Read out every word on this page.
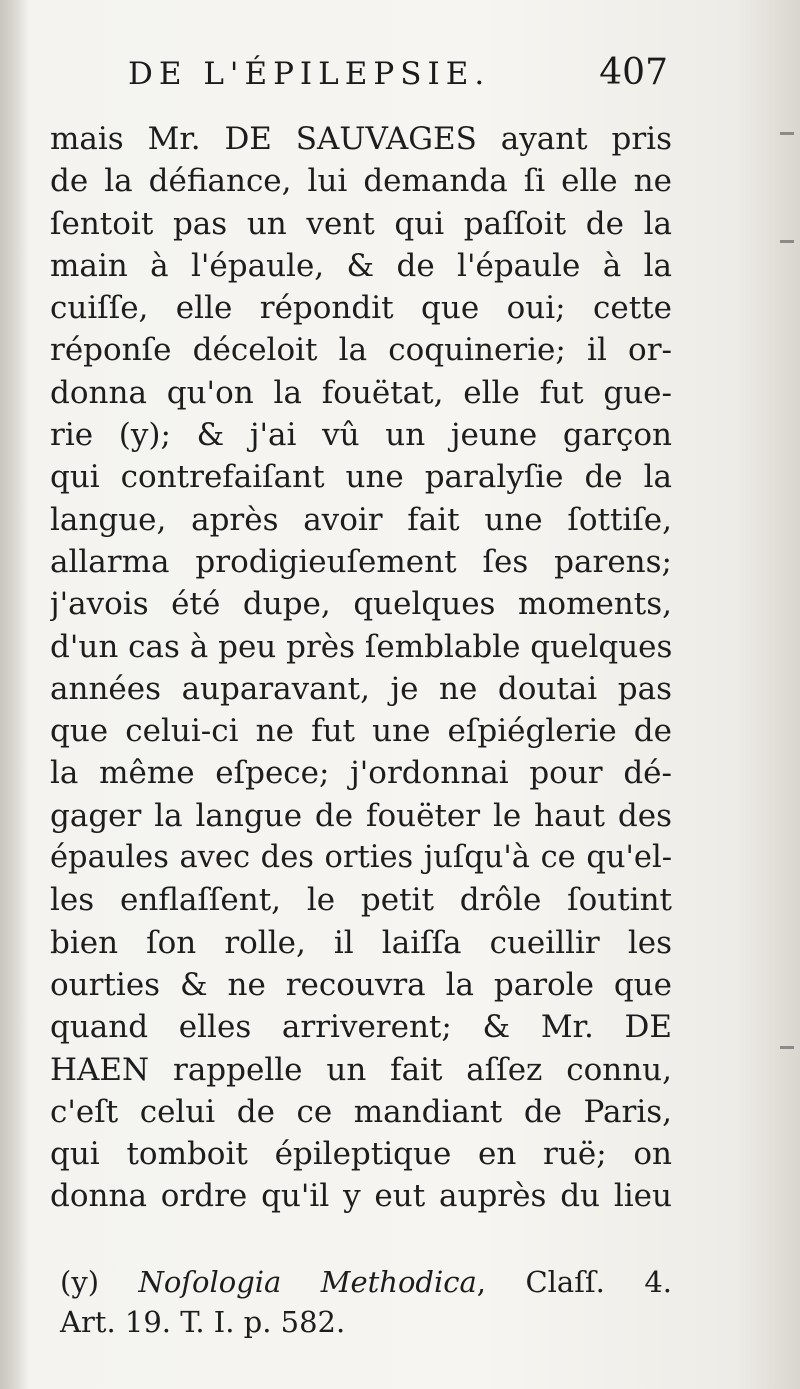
DE L'ÉPILEPSIE.	407
mais Mr. DE SAUVAGES ayant pris
de la défiance, lui demanda ſi elle ne
ſentoit pas un vent qui paſſoit de la
main à l'épaule, & de l'épaule à la
cuiſſe, elle répondit que oui; cette
réponſe déceloit la coquinerie; il or-
donna qu'on la fouëtat, elle fut gue-
rie (y); & j'ai vû un jeune garçon
qui contrefaiſant une paralyſie de la
langue, après avoir fait une ſottiſe,
allarma prodigieuſement ſes parens;
j'avois été dupe, quelques moments,
d'un cas à peu près ſemblable quelques
années auparavant, je ne doutai pas
que celui-ci ne fut une eſpiéglerie de
la même eſpece; j'ordonnai pour dé-
gager la langue de fouëter le haut des
épaules avec des orties juſqu'à ce qu'el-
les enflaſſent, le petit drôle ſoutint
bien ſon rolle, il laiſſa cueillir les
ourties & ne recouvra la parole que
quand elles arriverent; & Mr. DE
HAEN rappelle un fait aſſez connu,
c'eſt celui de ce mandiant de Paris,
qui tomboit épileptique en ruë; on
donna ordre qu'il y eut auprès du lieu
(y) Noſologia Methodica, Claſſ. 4.
Art. 19. T. I. p. 582.
